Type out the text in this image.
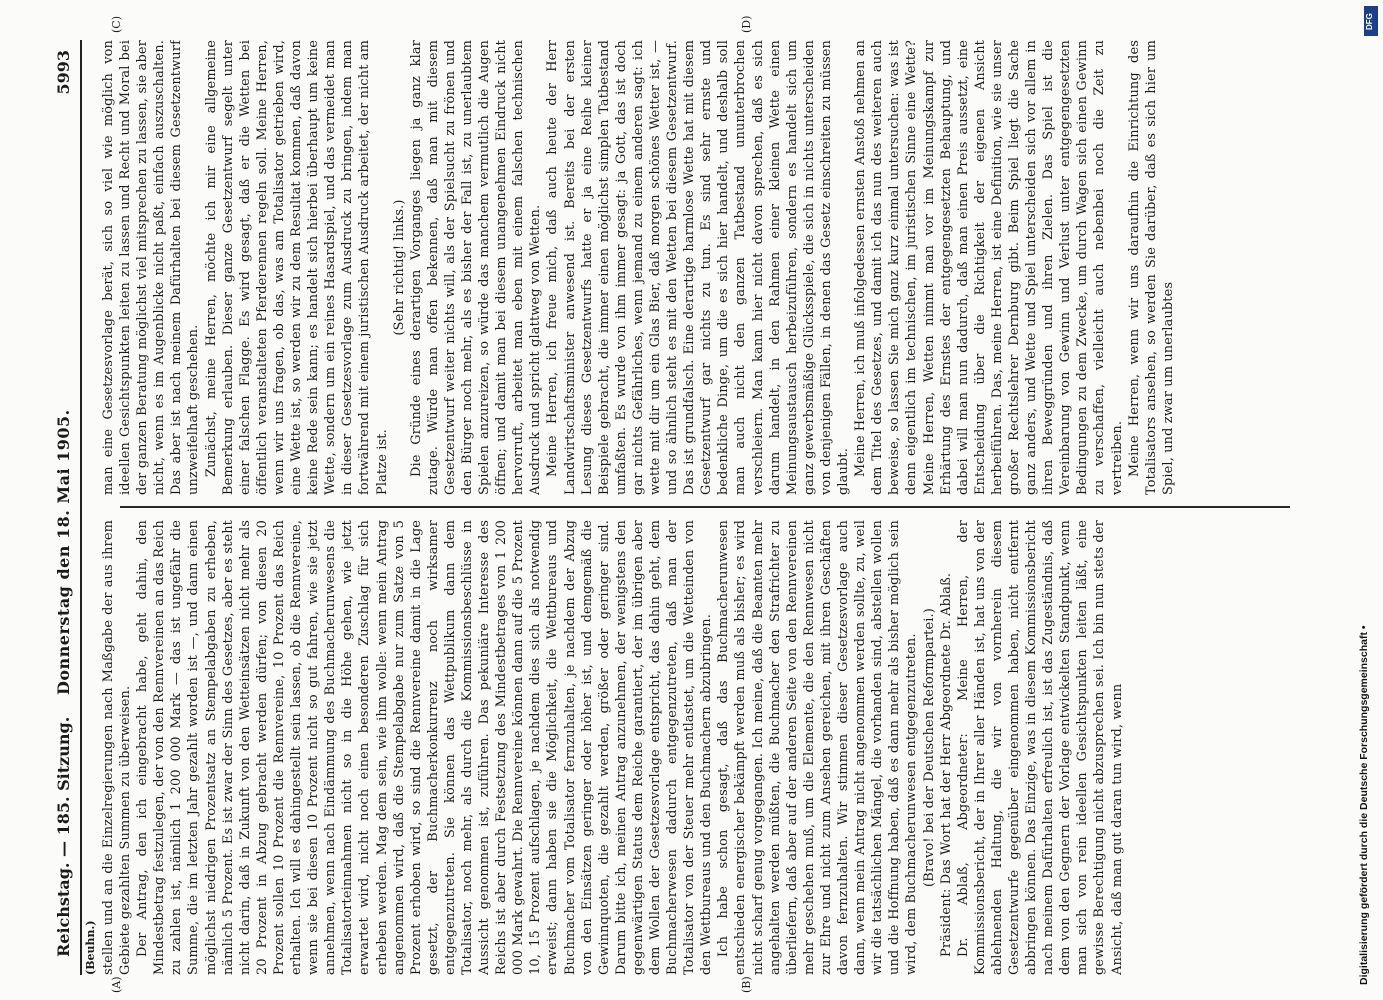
Reichstag. — 185. Sitzung.
Donnerstag den 18. Mai 1905.
5993
(Beuhn.) stellen und an die Einzelregierungen nach Maßgabe der aus ihrem Gebiete gezahlten Summen zu überweisen. Der Antrag, den ich eingebracht habe, geht dahin, den Mindestbetrag festzulegen, der von den Rennvereinen an das Reich zu zahlen ist, nämlich 1 200 000 Mark — das ist ungefähr die Summe, die im letzten Jahr gezahlt worden ist —, und dann einen möglichst niedrigen Prozentsatz an Stempelabgaben zu erheben, nämlich 5 Prozent. Es ist zwar der Sinn des Gesetzes, aber es steht nicht darin, daß in Zukunft von den Wetteinsätzen nicht mehr als 20 Prozent in Abzug gebracht werden dürfen; von diesen 20 Prozent sollen 10 Prozent die Rennvereine, 10 Prozent das Reich erhalten. Ich will es dahingestellt sein lassen, ob die Rennvereine, wenn sie bei diesen 10 Prozent nicht so gut fahren, wie sie jetzt annehmen, wenn nach Eindämmung des Buchmacherunwesens die Totalisatorteinnahmen nicht so in die Höhe gehen, wie jetzt erwartet wird, nicht noch einen besonderen Zuschlag für sich erheben werden. Mag dem sein, wie ihm wolle: wenn mein Antrag angenommen wird, daß die Stempelabgabe nur zum Satze von 5 Prozent erhoben wird, so sind die Rennvereine damit in die Lage gesetzt, der Buchmacherkonkurrenz noch wirksamer entgegenzutreten. Sie können das Wettpublikum dann dem Totalisator, noch mehr, als durch die Kommissionsbeschlüsse in Aussicht genommen ist, zuführen. Das pekuniäre Interesse des Reichs ist aber durch Festsetzung des Mindestbetrages von 1 200 000 Mark gewahrt. Die Rennvereine können dann auf die 5 Prozent 10, 15 Prozent aufschlagen, je nachdem dies sich als notwendig erweist; dann haben sie die Möglichkeit, die Wettbureaus und Buchmacher vom Totalisator fernzuhalten, je nachdem der Abzug von den Einsätzen geringer oder höher ist, und demgemäß die Gewinnquoten, die gezahlt werden, größer oder geringer sind. Darum bitte ich, meinen Antrag anzunehmen, der wenigstens den gegenwärtigen Status dem Reiche garantiert, der im übrigen aber dem Wollen der Gesetzesvorlage entspricht, das dahin geht, dem Buchmacherwesen dadurch entgegenzutreten, daß man der Totalisator von der Steuer mehr entlastet, um die Wetteinden von den Wettbureaus und den Buchmachern abzubringen. Ich habe schon gesagt, daß das Buchmacherunwesen entschieden energischer bekämpft werden muß als bisher; es wird nicht scharf genug vorgegangen. Ich meine, daß die Beamten mehr angehalten werden müßten, die Buchmacher den Strafrichter zu überliefern, daß aber auf der anderen Seite von den Rennvereinen mehr geschehen muß, um die Elemente, die den Rennwesen nicht zur Ehre und nicht zum Ansehen gereichen, mit ihren Geschäften davon fernzuhalten. Wir stimmen dieser Gesetzesvorlage auch dann, wenn mein Antrag nicht angenommen werden sollte, zu, weil wir die tatsächlichen Mängel, die vorhanden sind, abstellen wollen und die Hoffnung haben, daß es dann mehr als bisher möglich sein wird, dem Buchmacherunwesen entgegenzutreten. (Bravo! bei der Deutschen Reformpartei.) Präsident: Das Wort hat der Herr Abgeordnete Dr. Ablaß. Dr. Ablaß, Abgeordneter: Meine Herren, der Kommissionsbericht, der in Ihrer aller Händen ist, hat uns von der ablehnenden Haltung, die wir von vornherein diesem Gesetzentwurfe gegenüber eingenommen haben, nicht entfernt abbringen können. Das Einzige, was in diesem Kommissionsbericht nach meinem Dafürhalten erfreulich ist, ist das Zugeständnis, daß dem von den Gegnern der Vorlage entwickelten Standpunkt, wenn man sich von rein ideellen Gesichtspunkten leiten läßt, eine gewisse Berechtigung nicht abzusprechen sei. Ich bin nun stets der Ansicht, daß man gut daran tun wird, wenn

man eine Gesetzesvorlage berät, sich so viel wie möglich von ideellen Gesichtspunkten leiten zu lassen und Recht und Moral bei der ganzen Beratung möglichst viel mitsprechen zu lassen, sie aber nicht, wenn es im Augenblicke nicht paßt, einfach auszuschalten. Das aber ist nach meinem Dafürhalten bei diesem Gesetzentwurf unzweifelhaft geschehen. Zunächst, meine Herren, möchte ich mir eine allgemeine Bemerkung erlauben. Dieser ganze Gesetzentwurf segelt unter einer falschen Flagge. Es wird gesagt, daß er die Wetten bei öffentlich veranstalteten Pferderennen regeln soll. Meine Herren, wenn wir uns fragen, ob das, was am Totalisator getrieben wird, eine Wette ist, so werden wir zu dem Resultat kommen, daß davon keine Rede sein kann; es handelt sich hierbei überhaupt um keine Wette, sondern um ein reines Hasardspiel, und das vermeidet man in dieser Gesetzesvorlage zum Ausdruck zu bringen, indem man fortwährend mit einem juristischen Ausdruck arbeitet, der nicht am Platze ist.

(Sehr richtig! links.) Die Gründe eines derartigen Vorganges liegen ja ganz klar zutage. Würde man offen bekennen, daß man mit diesem Gesetzentwurf weiter nichts will, als der Spielsucht zu frönen und den Bürger noch mehr, als es bisher der Fall ist, zu unerlaubtem Spielen anzureizen, so würde das manchem vermutlich die Augen öffnen; und damit man bei diesem unangenehmen Eindruck nicht hervorruft, arbeitet man eben mit einem falschen technischen Ausdruck und spricht glattweg von Wetten. Meine Herren, ich freue mich, daß auch heute der Herr Landwirtschaftsminister anwesend ist. Bereits bei der ersten Lesung dieses Gesetzentwurfs hatte er ja eine Reihe kleiner Beispiele gebracht, die immer einen möglichst simplen Tatbestand umfaßten. Es wurde von ihm immer gesagt: ja Gott, das ist doch gar nichts Gefährliches, wenn jemand zu einem anderen sagt: ich wette mit dir um ein Glas Bier, daß morgen schönes Wetter ist, — und so ähnlich steht es mit den Wetten bei diesem Gesetzentwurf. Das ist grundfalsch. Eine derartige harmlose Wette hat mit diesem Gesetzentwurf gar nichts zu tun. Es sind sehr ernste und bedenkliche Dinge, um die es sich hier handelt, und deshalb soll man auch nicht den ganzen Tatbestand ununterbrochen verschleiern. Man kann hier nicht davon sprechen, daß es sich darum handelt, in den Rahmen einer kleinen Wette einen Meinungsaustausch herbeizuführen, sondern es handelt sich um ganz gewerbsmäßige Glücksspiele, die sich in nichts unterscheiden von denjenigen Fällen, in denen das Gesetz einschreiten zu müssen glaubt. Meine Herren, ich muß infolgedessen ernsten Anstoß nehmen an dem Titel des Gesetzes, und damit ich das nun des weiteren auch beweise, so lassen Sie mich ganz kurz einmal untersuchen: was ist denn eigentlich im technischen, im juristischen Sinne eine Wette? Meine Herren, Wetten nimmt man vor im Meinungskampf zur Erhärtung des Ernstes der entgegengesetzten Behauptung, und dabei will man nun dadurch, daß man einen Preis aussetzt, eine Entscheidung über die Richtigkeit der eigenen Ansicht herbeiführen. Das, meine Herren, ist eine Definition, wie sie unser großer Rechtslehrer Dernburg gibt. Beim Spiel liegt die Sache ganz anders, und Wette und Spiel unterscheiden sich vor allem in ihren Beweggründen und ihren Zielen. Das Spiel ist die Vereinbarung von Gewinn und Verlust unter entgegengesetzten Bedingungen zu dem Zwecke, um durch Wagen sich einen Gewinn zu verschaffen, vielleicht auch nebenbei noch die Zeit zu vertreiben. Meine Herren, wenn wir uns daraufhin die Einrichtung des Totalisators ansehen, so werden Sie darüber, daß es sich hier um Spiel, und zwar um unerlaubtes

(A)	(B)
(C)	(D)	DFG
Digitalisierung gefördert durch die Deutsche Forschungsgemeinschaft •
